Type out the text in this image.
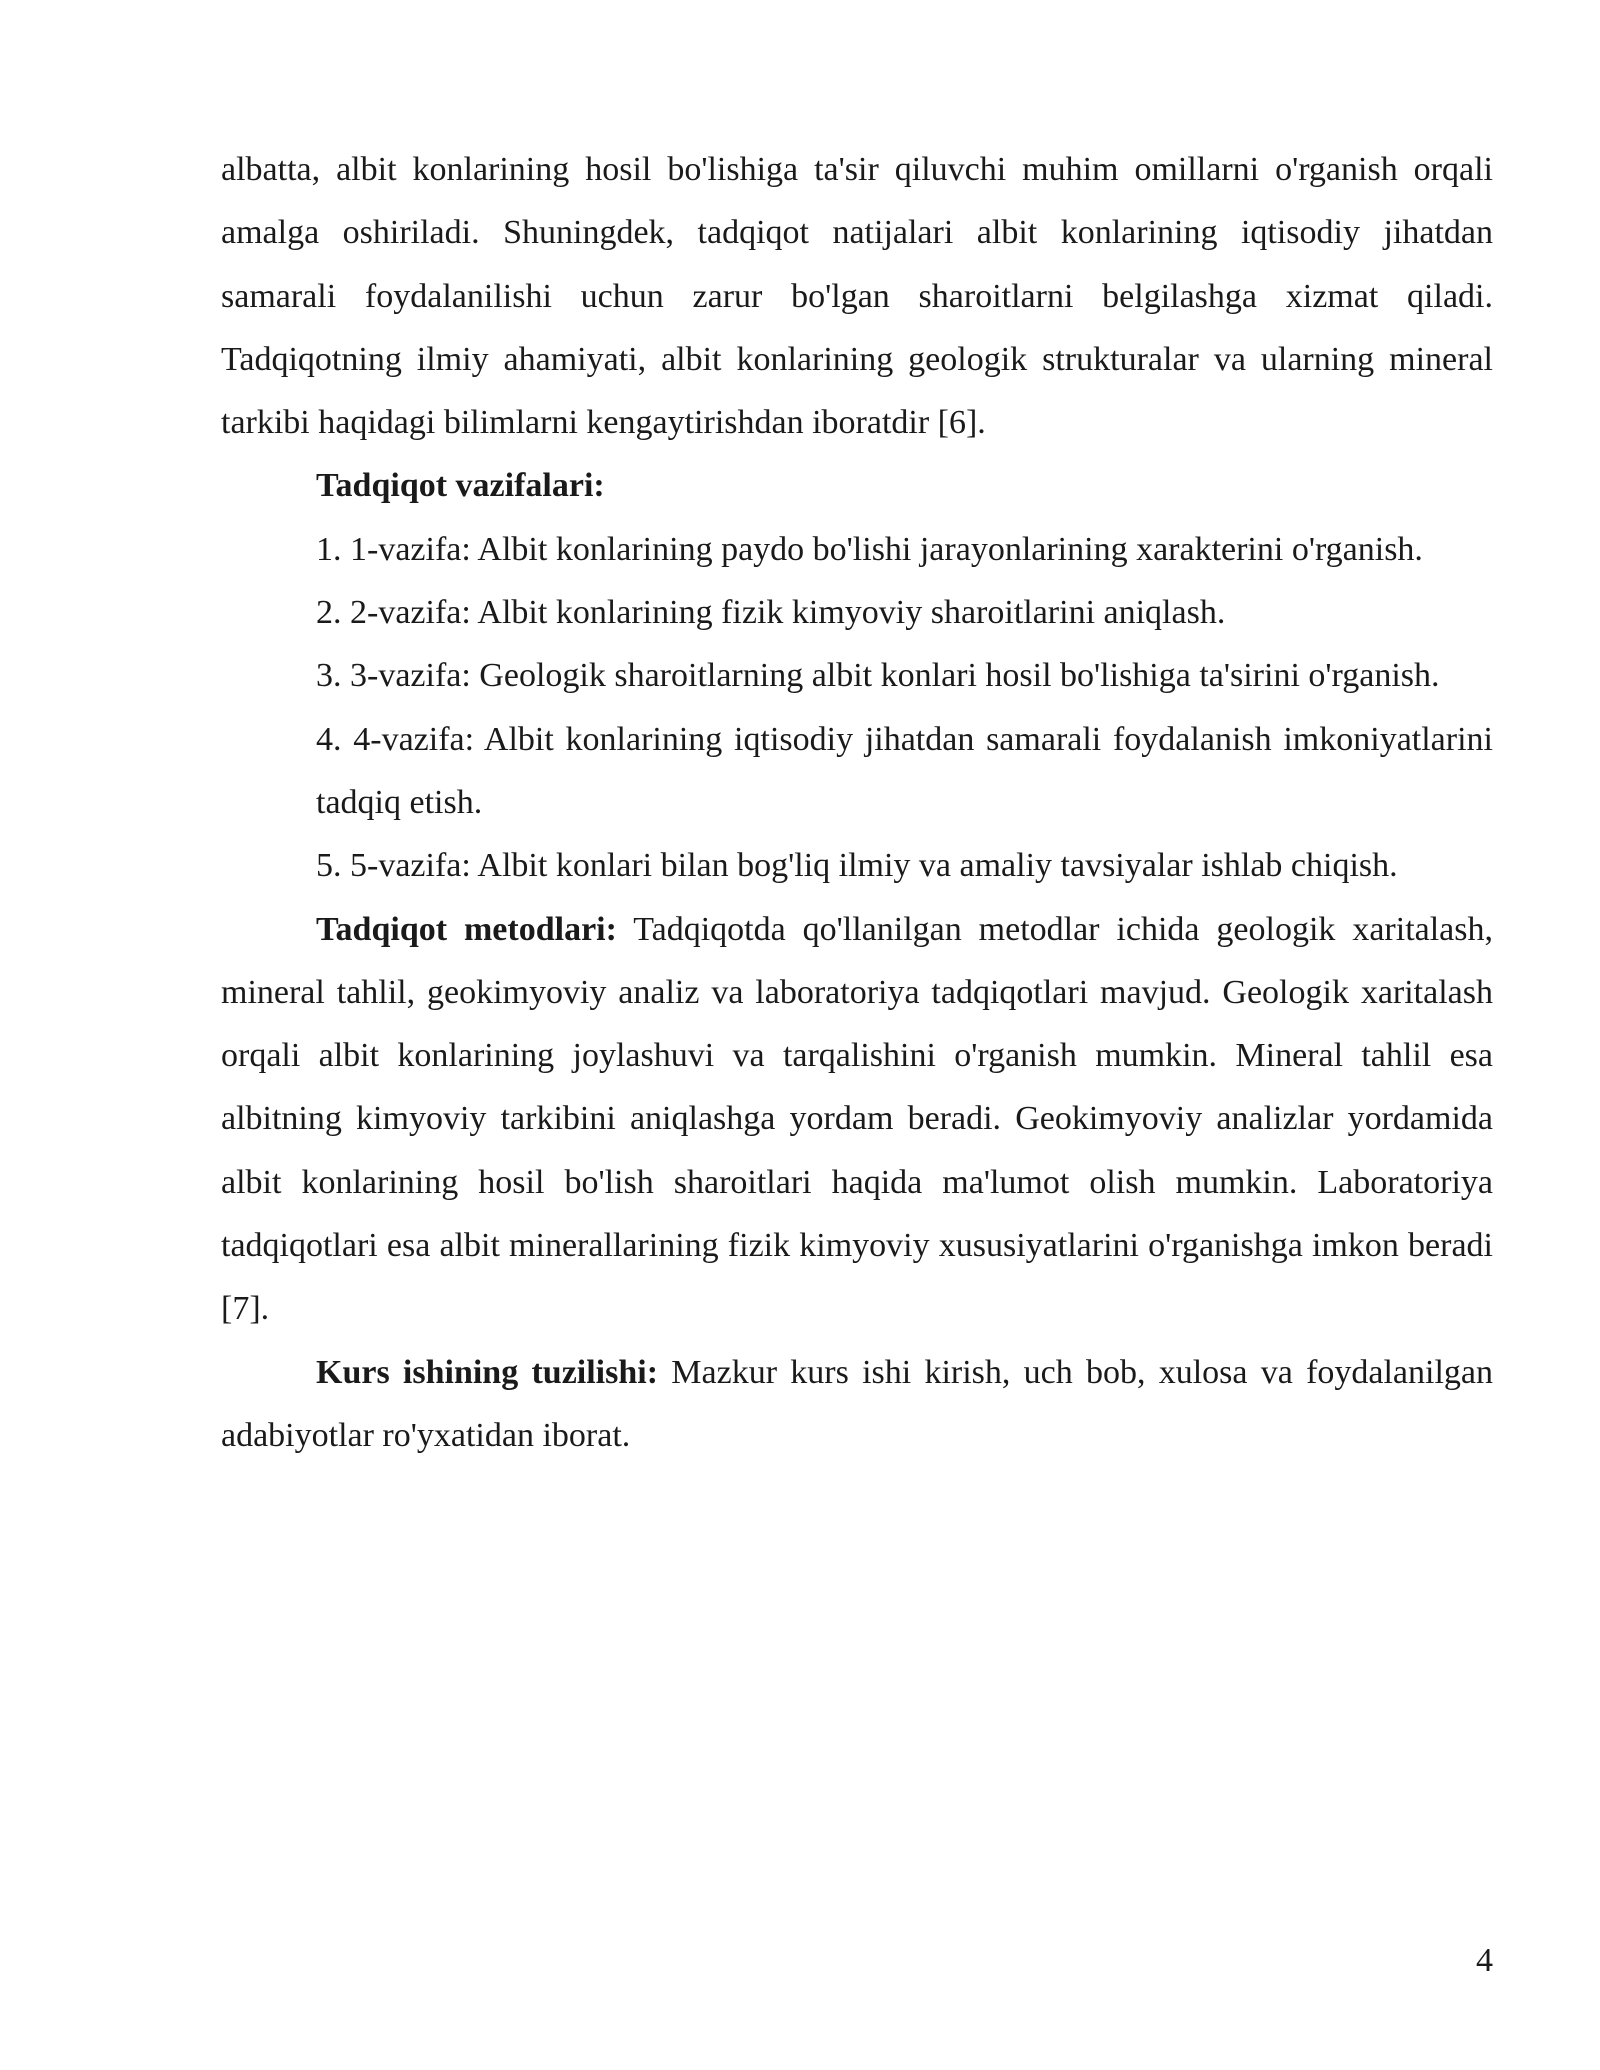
albatta, albit konlarining hosil bo'lishiga ta'sir qiluvchi muhim omillarni o'rganish orqali amalga oshiriladi. Shuningdek, tadqiqot natijalari albit konlarining iqtisodiy jihatdan samarali foydalanilishi uchun zarur bo'lgan sharoitlarni belgilashga xizmat qiladi. Tadqiqotning ilmiy ahamiyati, albit konlarining geologik strukturalar va ularning mineral tarkibi haqidagi bilimlarni kengaytirishdan iboratdir [6].

Tadqiqot vazifalari:

1. 1-vazifa: Albit konlarining paydo bo'lishi jarayonlarining xarakterini o'rganish.

2. 2-vazifa: Albit konlarining fizik kimyoviy sharoitlarini aniqlash.

3. 3-vazifa: Geologik sharoitlarning albit konlari hosil bo'lishiga ta'sirini o'rganish.

4. 4-vazifa: Albit konlarining iqtisodiy jihatdan samarali foydalanish imkoniyatlarini tadqiq etish.

5. 5-vazifa: Albit konlari bilan bog'liq ilmiy va amaliy tavsiyalar ishlab chiqish.

Tadqiqot metodlari: Tadqiqotda qo'llanilgan metodlar ichida geologik xaritalash, mineral tahlil, geokimyoviy analiz va laboratoriya tadqiqotlari mavjud. Geologik xaritalash orqali albit konlarining joylashuvi va tarqalishini o'rganish mumkin. Mineral tahlil esa albitning kimyoviy tarkibini aniqlashga yordam beradi. Geokimyoviy analizlar yordamida albit konlarining hosil bo'lish sharoitlari haqida ma'lumot olish mumkin. Laboratoriya tadqiqotlari esa albit minerallarining fizik kimyoviy xususiyatlarini o'rganishga imkon beradi [7].

Kurs ishining tuzilishi: Mazkur kurs ishi kirish, uch bob, xulosa va foydalanilgan adabiyotlar ro'yxatidan iborat.

4
